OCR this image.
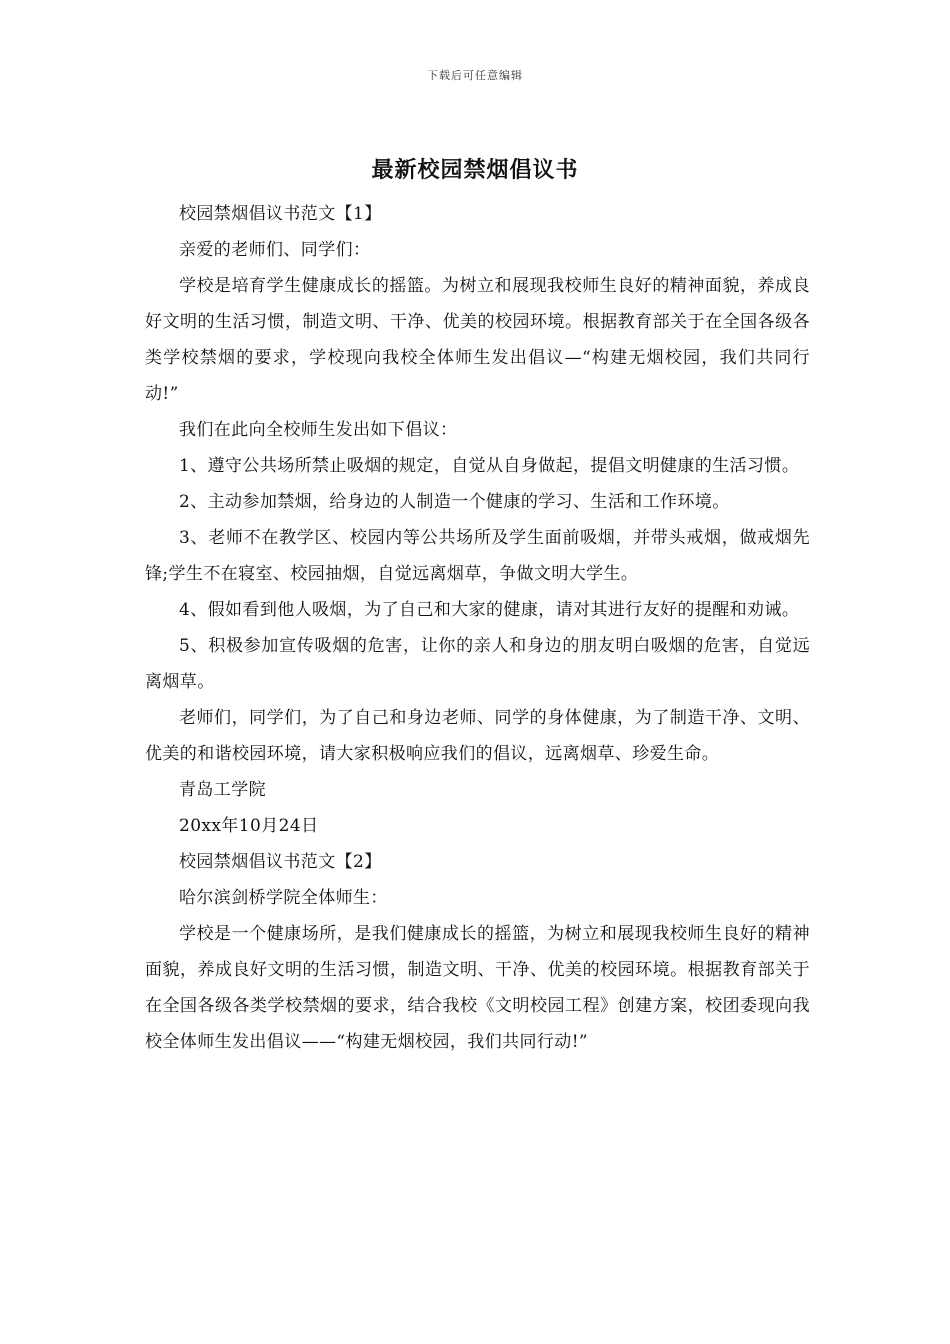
下载后可任意编辑
最新校园禁烟倡议书

校园禁烟倡议书范文【1】

亲爱的老师们、同学们：

学校是培育学生健康成长的摇篮。为树立和展现我校师生良好的精神面貌，养成良好文明的生活习惯，制造文明、干净、优美的校园环境。根据教育部关于在全国各级各类学校禁烟的要求，学校现向我校全体师生发出倡议—“构建无烟校园，我们共同行动!”

我们在此向全校师生发出如下倡议：

1、遵守公共场所禁止吸烟的规定，自觉从自身做起，提倡文明健康的生活习惯。

2、主动参加禁烟，给身边的人制造一个健康的学习、生活和工作环境。

3、老师不在教学区、校园内等公共场所及学生面前吸烟，并带头戒烟，做戒烟先锋;学生不在寝室、校园抽烟，自觉远离烟草，争做文明大学生。

4、假如看到他人吸烟，为了自己和大家的健康，请对其进行友好的提醒和劝诫。

5、积极参加宣传吸烟的危害，让你的亲人和身边的朋友明白吸烟的危害，自觉远离烟草。

老师们，同学们，为了自己和身边老师、同学的身体健康，为了制造干净、文明、优美的和谐校园环境，请大家积极响应我们的倡议，远离烟草、珍爱生命。

青岛工学院

20xx年10月24日

校园禁烟倡议书范文【2】

哈尔滨剑桥学院全体师生：

学校是一个健康场所，是我们健康成长的摇篮，为树立和展现我校师生良好的精神面貌，养成良好文明的生活习惯，制造文明、干净、优美的校园环境。根据教育部关于在全国各级各类学校禁烟的要求，结合我校《文明校园工程》创建方案，校团委现向我校全体师生发出倡议——“构建无烟校园，我们共同行动!”
